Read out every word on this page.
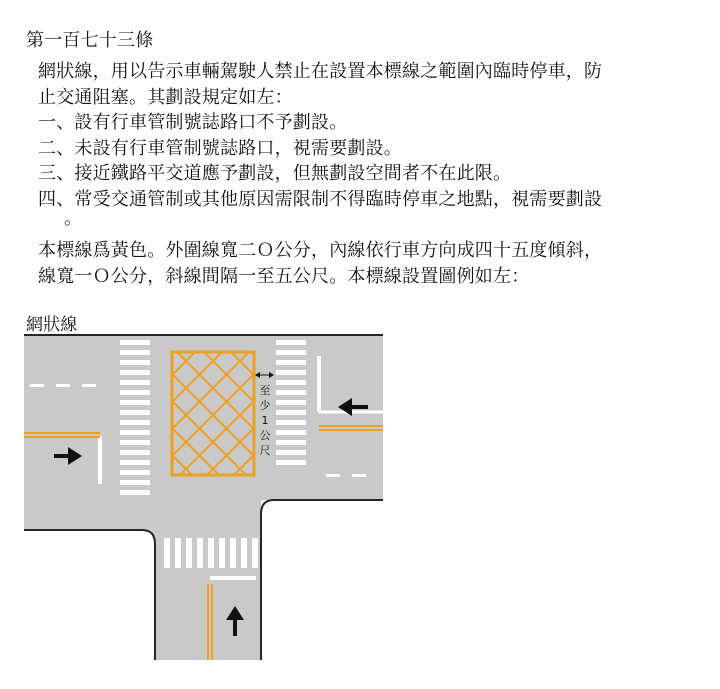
第一百七十三條
網狀線，用以告示車輛駕駛人禁止在設置本標線之範圍內臨時停車，防
止交通阻塞。其劃設規定如左：
一、設有行車管制號誌路口不予劃設。
二、未設有行車管制號誌路口，視需要劃設。
三、接近鐵路平交道應予劃設，但無劃設空間者不在此限。
四、常受交通管制或其他原因需限制不得臨時停車之地點，視需要劃設
。
本標線爲黃色。外圍線寬二Ｏ公分，內線依行車方向成四十五度傾斜，
線寬一Ｏ公分，斜線間隔一至五公尺。本標線設置圖例如左：
至
少
1
公
尺
網狀線
